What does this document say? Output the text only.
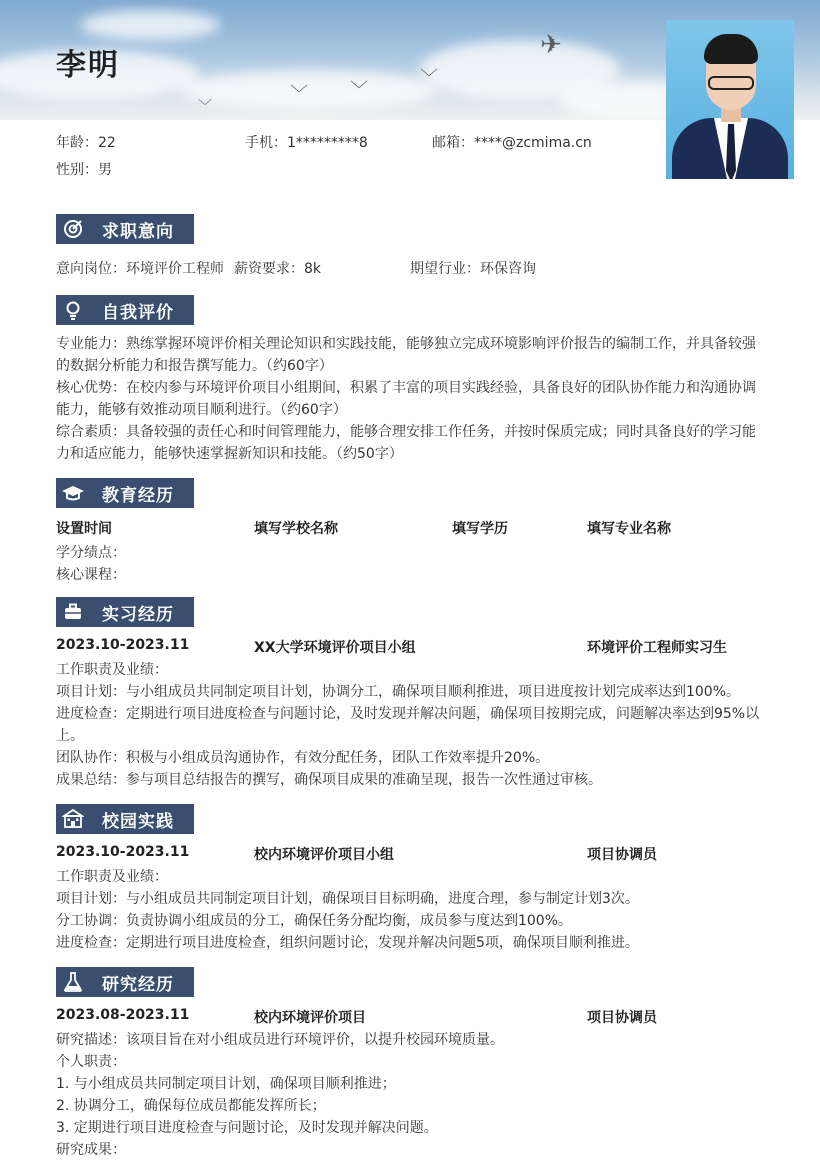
✈
﹀
﹀
﹀
﹀
李明
年龄：22	手机：1*********8	邮箱：****@zcmima.cn
性别：男
求职意向
意向岗位：环境评价工程师 薪资要求：8k	期望行业：环保咨询
自我评价
专业能力：熟练掌握环境评价相关理论知识和实践技能，能够独立完成环境影响评价报告的编制工作，并具备较强的数据分析能力和报告撰写能力。（约60字）
核心优势：在校内参与环境评价项目小组期间，积累了丰富的项目实践经验，具备良好的团队协作能力和沟通协调能力，能够有效推动项目顺利进行。（约60字）
综合素质：具备较强的责任心和时间管理能力，能够合理安排工作任务，并按时保质完成；同时具备良好的学习能力和适应能力，能够快速掌握新知识和技能。（约50字）
教育经历
设置时间	填写学校名称	填写学历	填写专业名称
学分绩点：
核心课程：
实习经历
2023.10-2023.11	XX大学环境评价项目小组	环境评价工程师实习生
工作职责及业绩：
项目计划：与小组成员共同制定项目计划，协调分工，确保项目顺利推进，项目进度按计划完成率达到100%。
进度检查：定期进行项目进度检查与问题讨论，及时发现并解决问题，确保项目按期完成，问题解决率达到95%以上。
团队协作：积极与小组成员沟通协作，有效分配任务，团队工作效率提升20%。
成果总结：参与项目总结报告的撰写，确保项目成果的准确呈现，报告一次性通过审核。
校园实践
2023.10-2023.11	校内环境评价项目小组	项目协调员
工作职责及业绩：
项目计划：与小组成员共同制定项目计划，确保项目目标明确，进度合理，参与制定计划3次。
分工协调：负责协调小组成员的分工，确保任务分配均衡，成员参与度达到100%。
进度检查：定期进行项目进度检查，组织问题讨论，发现并解决问题5项，确保项目顺利推进。
研究经历
2023.08-2023.11	校内环境评价项目	项目协调员
研究描述：该项目旨在对小组成员进行环境评价，以提升校园环境质量。
个人职责：
1. 与小组成员共同制定项目计划，确保项目顺利推进；
2. 协调分工，确保每位成员都能发挥所长；
3. 定期进行项目进度检查与问题讨论，及时发现并解决问题。
研究成果：
